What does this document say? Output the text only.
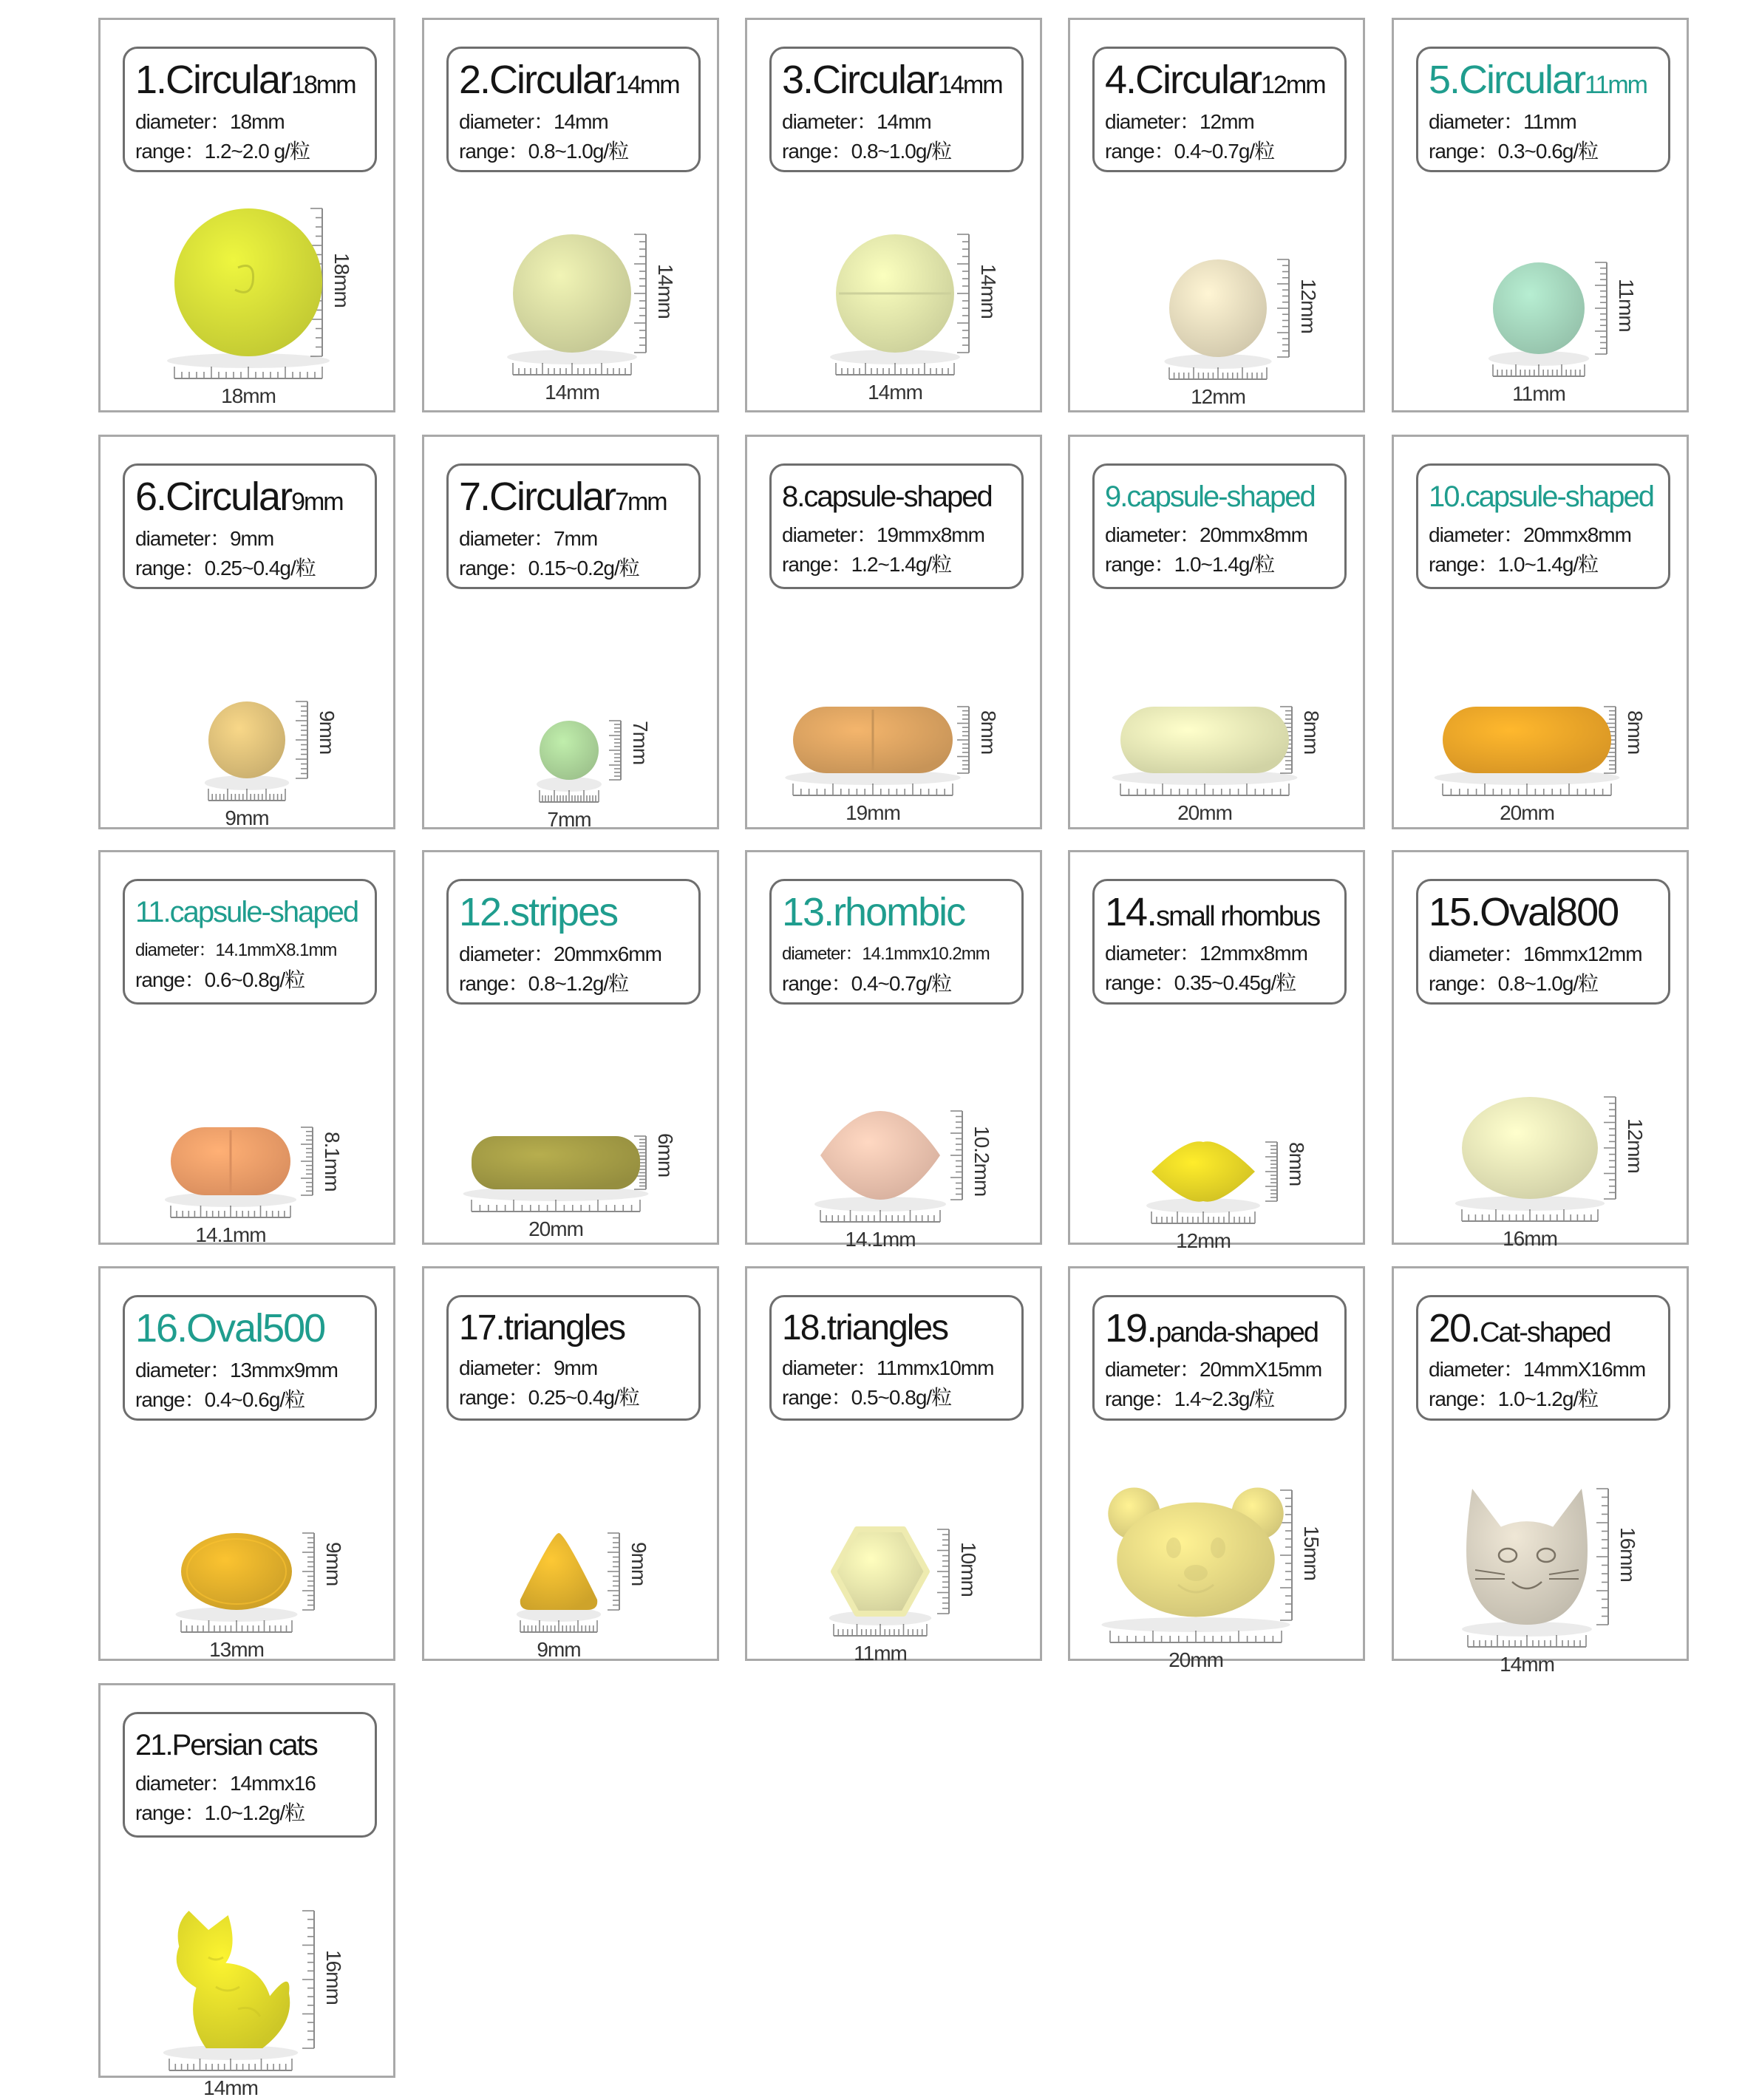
1.Circular18mm
diameter：18mm
range：1.2~2.0 g/粒
18mm
18mm
2.Circular14mm
diameter：14mm
range：0.8~1.0g/粒
14mm
14mm
3.Circular14mm
diameter：14mm
range：0.8~1.0g/粒
14mm
14mm
4.Circular12mm
diameter：12mm
range：0.4~0.7g/粒
12mm
12mm
5.Circular11mm
diameter：11mm
range：0.3~0.6g/粒
11mm
11mm
6.Circular9mm
diameter：9mm
range：0.25~0.4g/粒
9mm
9mm
7.Circular7mm
diameter：7mm
range：0.15~0.2g/粒
7mm
7mm
8.capsule-shaped
diameter：19mmx8mm
range：1.2~1.4g/粒
19mm
8mm
9.capsule-shaped
diameter：20mmx8mm
range：1.0~1.4g/粒
20mm
8mm
10.capsule-shaped
diameter：20mmx8mm
range：1.0~1.4g/粒
20mm
8mm
11.capsule-shaped
diameter：14.1mmX8.1mm
range：0.6~0.8g/粒
14.1mm
8.1mm
12.stripes
diameter：20mmx6mm
range：0.8~1.2g/粒
20mm
6mm
13.rhombic
diameter：14.1mmx10.2mm
range：0.4~0.7g/粒
14.1mm
10.2mm
14.small rhombus
diameter：12mmx8mm
range：0.35~0.45g/粒
12mm
8mm
15.Oval800
diameter：16mmx12mm
range：0.8~1.0g/粒
16mm
12mm
16.Oval500
diameter：13mmx9mm
range：0.4~0.6g/粒
13mm
9mm
17.triangles
diameter：9mm
range：0.25~0.4g/粒
9mm
9mm
18.triangles
diameter：11mmx10mm
range：0.5~0.8g/粒
11mm
10mm
19.panda-shaped
diameter：20mmX15mm
range：1.4~2.3g/粒
20mm
15mm
20.Cat-shaped
diameter：14mmX16mm
range：1.0~1.2g/粒
14mm
16mm
21.Persian cats
diameter：14mmx16
range：1.0~1.2g/粒
14mm
16mm
